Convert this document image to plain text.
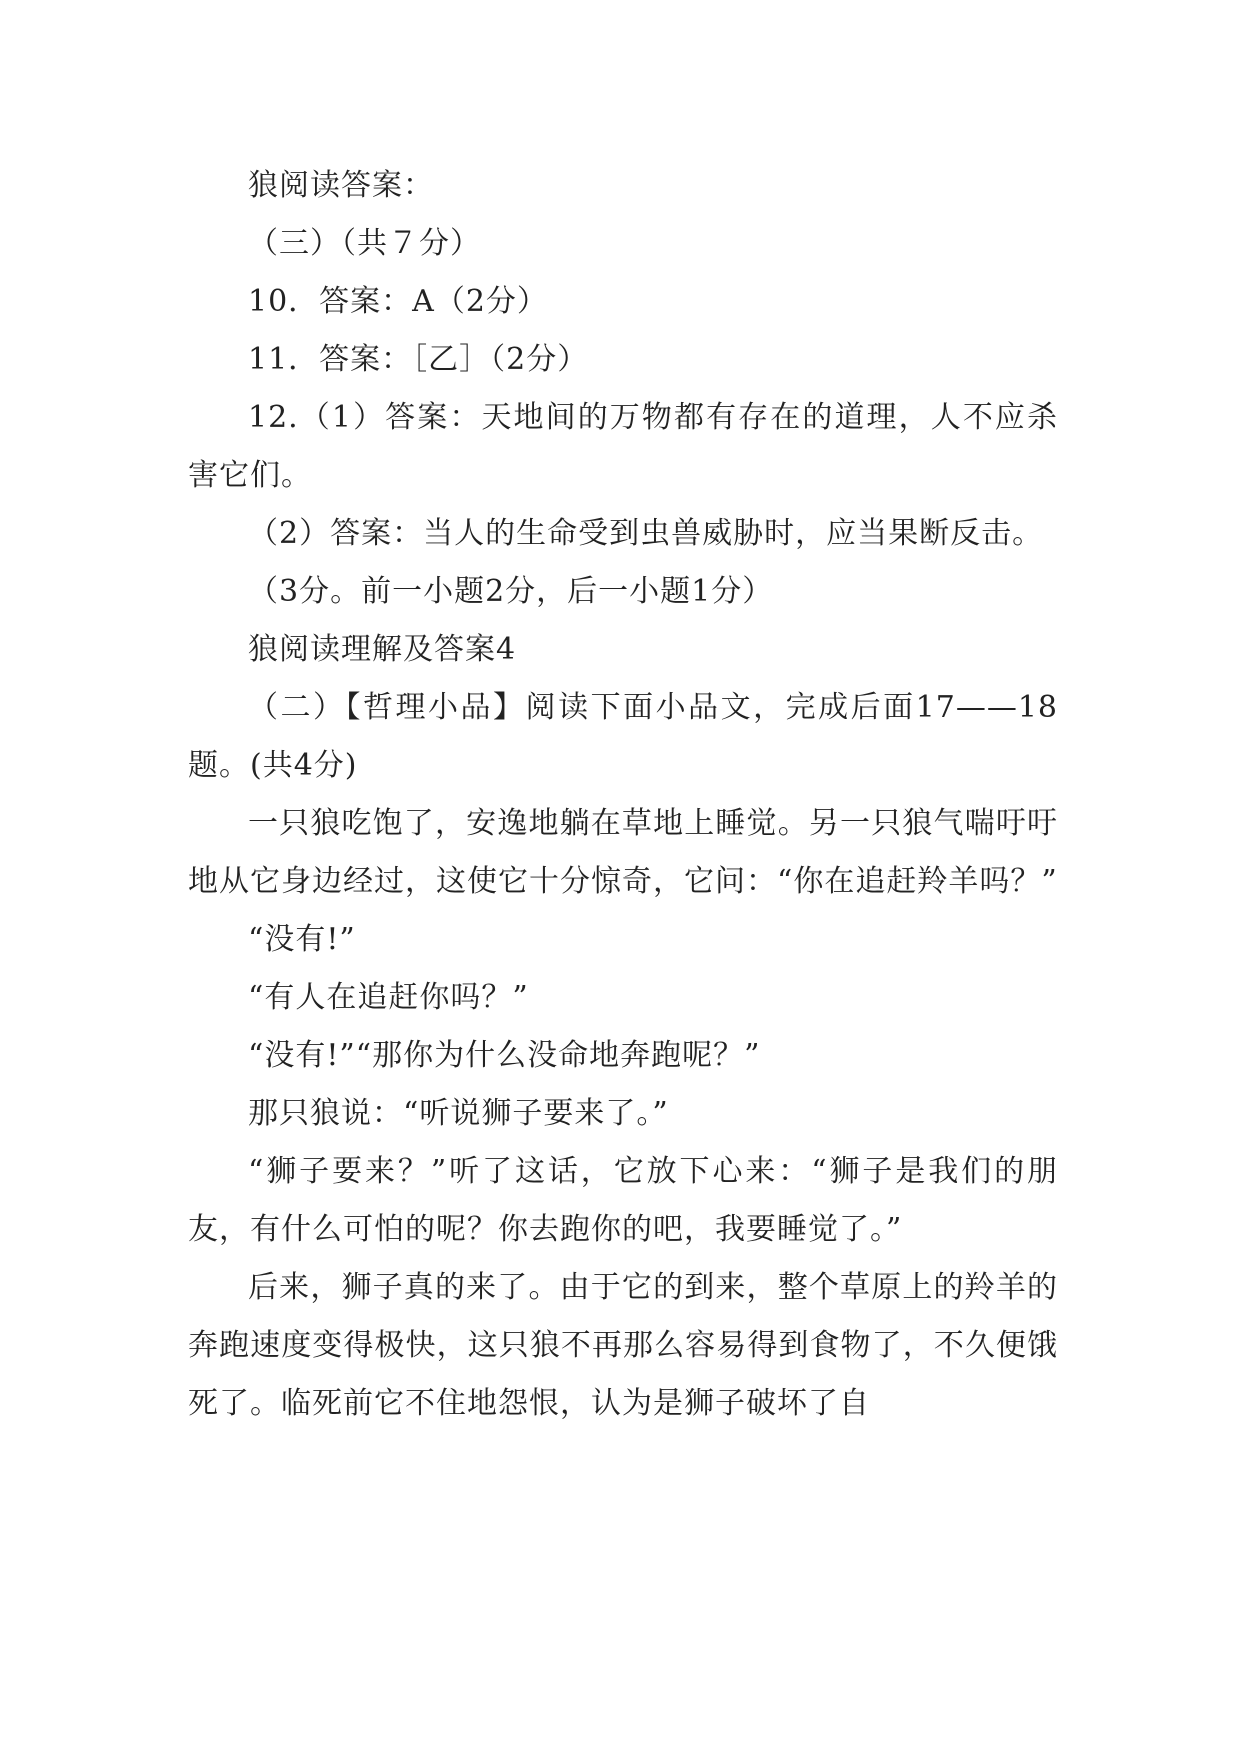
狼阅读答案：

（三）（共７分）

10．答案：A（2分）

11．答案：［乙］（2分）

12.（1）答案：天地间的万物都有存在的道理，人不应杀害它们。

（2）答案：当人的生命受到虫兽威胁时，应当果断反击。

（3分。前一小题2分，后一小题1分）

狼阅读理解及答案4

（二）【哲理小品】阅读下面小品文，完成后面17——18题。(共4分)

一只狼吃饱了，安逸地躺在草地上睡觉。另一只狼气喘吁吁地从它身边经过，这使它十分惊奇，它问：“你在追赶羚羊吗？”

“没有!”

“有人在追赶你吗？”

“没有!”“那你为什么没命地奔跑呢？”

那只狼说：“听说狮子要来了。”

“狮子要来？”听了这话，它放下心来：“狮子是我们的朋友，有什么可怕的呢？你去跑你的吧，我要睡觉了。”

后来，狮子真的来了。由于它的到来，整个草原上的羚羊的奔跑速度变得极快，这只狼不再那么容易得到食物了，不久便饿死了。临死前它不住地怨恨，认为是狮子破坏了自
